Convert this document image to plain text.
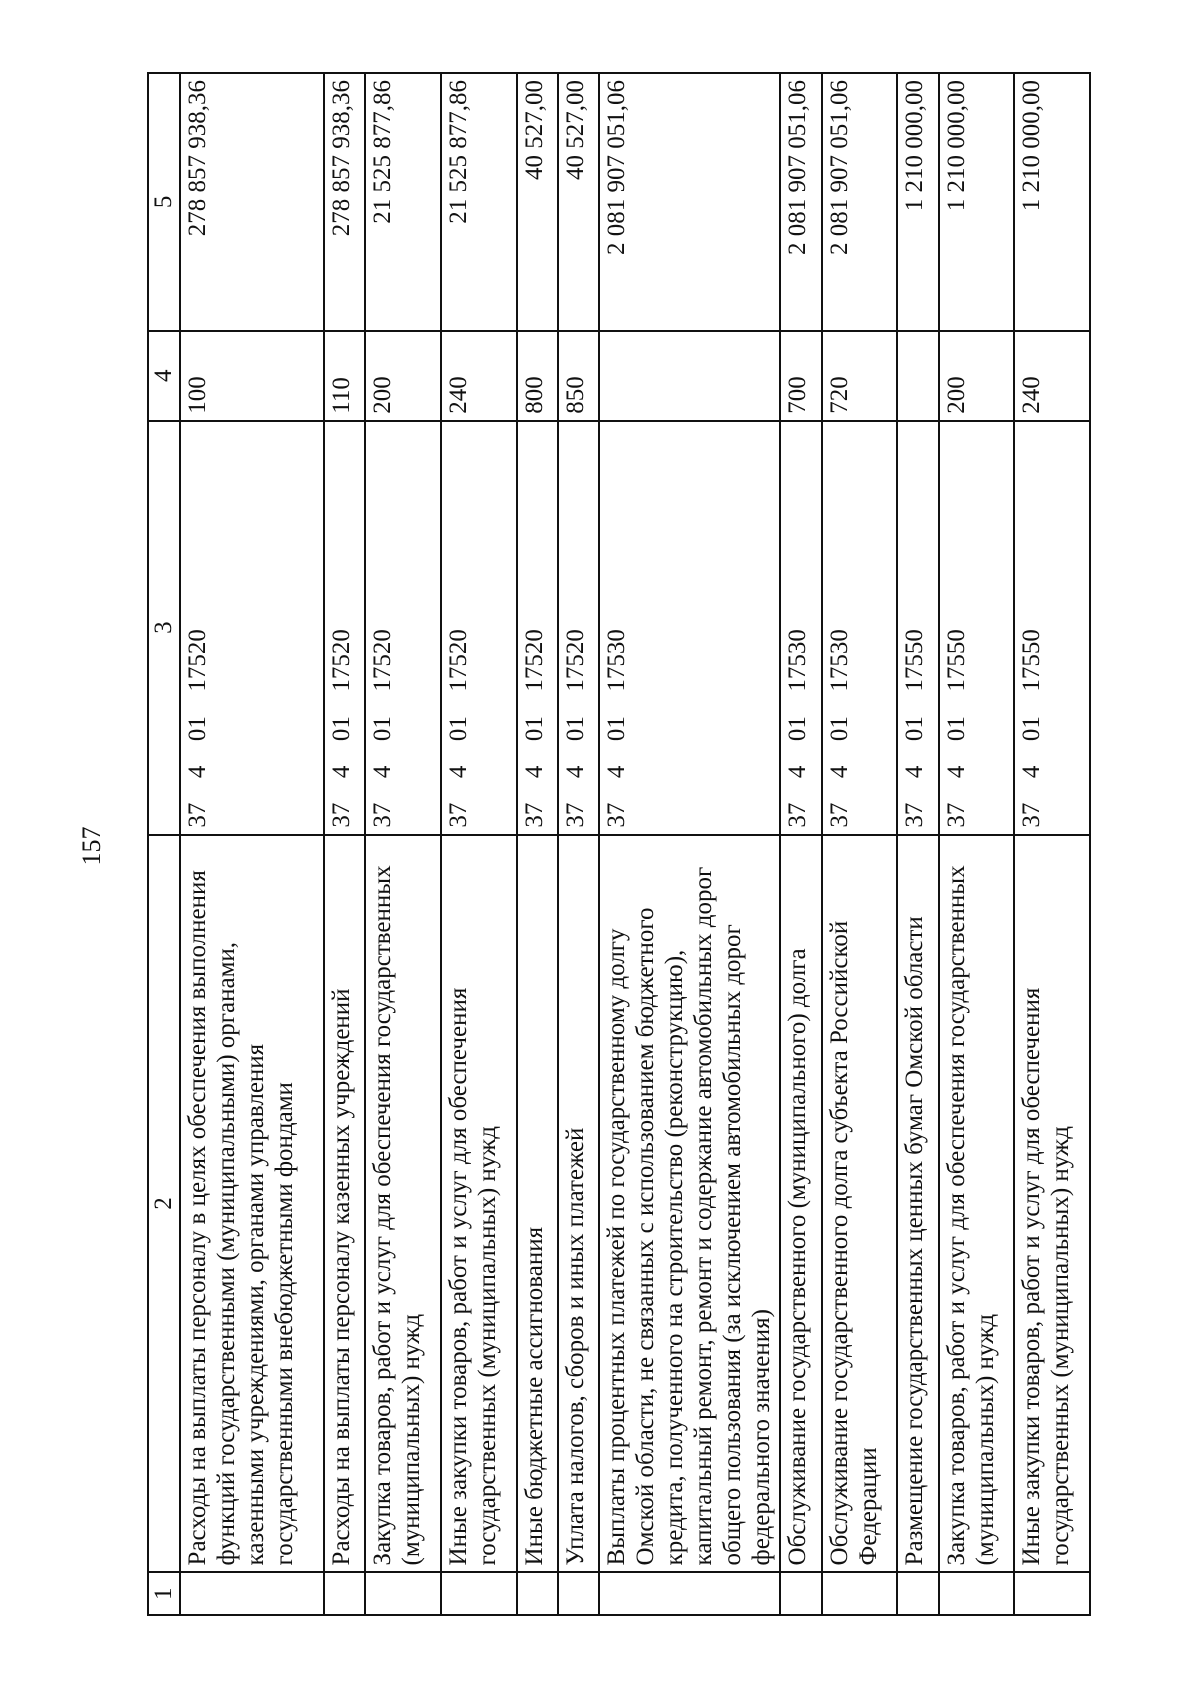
157
1	2	3	4	5
	Расходы на выплаты персоналу в целях обеспечения выполнения функций государственными (муниципальными) органами, казенными учреждениями, органами управления государственными внебюджетными фондами	37  4  01  17520	100	278 857 938,36
	Расходы на выплаты персоналу казенных учреждений	37  4  01  17520	110	278 857 938,36
	Закупка товаров, работ и услуг для обеспечения государственных (муниципальных) нужд	37  4  01  17520	200	21 525 877,86
	Иные закупки товаров, работ и услуг для обеспечения государственных (муниципальных) нужд	37  4  01  17520	240	21 525 877,86
	Иные бюджетные ассигнования	37  4  01  17520	800	40 527,00
	Уплата налогов, сборов и иных платежей	37  4  01  17520	850	40 527,00
	Выплаты процентных платежей по государственному долгу Омской области, не связанных с использованием бюджетного кредита, полученного на строительство (реконструкцию), капитальный ремонт, ремонт и содержание автомобильных дорог общего пользования (за исключением автомобильных дорог федерального значения)	37  4  01  17530		2 081 907 051,06
	Обслуживание государственного (муниципального) долга	37  4  01  17530	700	2 081 907 051,06
	Обслуживание государственного долга субъекта Российской Федерации	37  4  01  17530	720	2 081 907 051,06
	Размещение государственных ценных бумаг Омской области	37  4  01  17550		1 210 000,00
	Закупка товаров, работ и услуг для обеспечения государственных (муниципальных) нужд	37  4  01  17550	200	1 210 000,00
	Иные закупки товаров, работ и услуг для обеспечения государственных (муниципальных) нужд	37  4  01  17550	240	1 210 000,00
